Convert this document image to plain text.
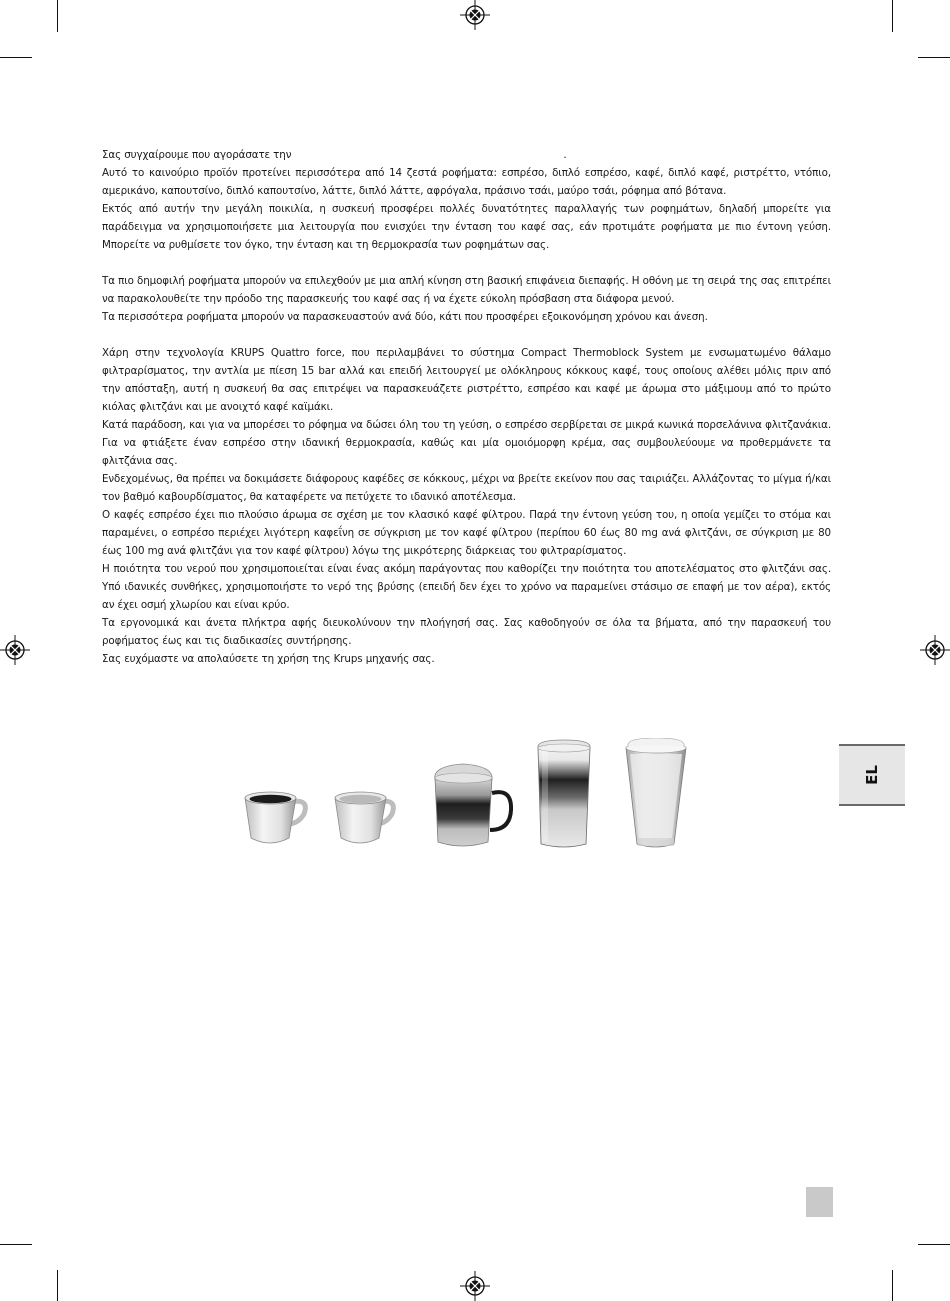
Σας συγχαίρουμε που αγοράσατε την	.

Αυτό το καινούριο προϊόν προτείνει περισσότερα από 14 ζεστά ροφήματα: εσπρέσο, διπλό εσπρέσο, καφέ, διπλό καφέ, ριστρέττο, ντόπιο, αμερικάνο, καπουτσίνο, διπλό καπουτσίνο, λάττε, διπλό λάττε, αφρόγαλα, πράσινο τσάι, μαύρο τσάι, ρόφημα από βότανα.

Εκτός από αυτήν την μεγάλη ποικιλία, η συσκευή προσφέρει πολλές δυνατότητες παραλλαγής των ροφημάτων, δηλαδή μπορείτε για παράδειγμα να χρησιμοποιήσετε μια λειτουργία που ενισχύει την ένταση του καφέ σας, εάν προτιμάτε ροφήματα με πιο έντονη γεύση. Μπορείτε να ρυθμίσετε τον όγκο, την ένταση και τη θερμοκρασία των ροφημάτων σας.

Τα πιο δημοφιλή ροφήματα μπορούν να επιλεχθούν με μια απλή κίνηση στη βασική επιφάνεια διεπαφής. Η οθόνη με τη σειρά της σας επιτρέπει να παρακολουθείτε την πρόοδο της παρασκευής του καφέ σας ή να έχετε εύκολη πρόσβαση στα διάφορα μενού.

Τα περισσότερα ροφήματα μπορούν να παρασκευαστούν ανά δύο, κάτι που προσφέρει εξοικονόμηση χρόνου και άνεση.

Χάρη στην τεχνολογία KRUPS Quattro force, που περιλαμβάνει το σύστημα Compact Thermoblock System με ενσωματωμένο θάλαμο φιλτραρίσματος, την αντλία με πίεση 15 bar αλλά και επειδή λειτουργεί με ολόκληρους κόκκους καφέ, τους οποίους αλέθει μόλις πριν από την απόσταξη, αυτή η συσκευή θα σας επιτρέψει να παρασκευάζετε ριστρέττο, εσπρέσο και καφέ με άρωμα στο μάξιμουμ από το πρώτο κιόλας φλιτζάνι και με ανοιχτό καφέ καϊμάκι.

Κατά παράδοση, και για να μπορέσει το ρόφημα να δώσει όλη του τη γεύση, ο εσπρέσο σερβίρεται σε μικρά κωνικά πορσελάνινα φλιτζανάκια. Για να φτιάξετε έναν εσπρέσο στην ιδανική θερμοκρασία, καθώς και μία ομοιόμορφη κρέμα, σας συμβουλεύουμε να προθερμάνετε τα φλιτζάνια σας.

Ενδεχομένως, θα πρέπει να δοκιμάσετε διάφορους καφέδες σε κόκκους, μέχρι να βρείτε εκείνον που σας ταιριάζει. Αλλάζοντας το μίγμα ή/και τον βαθμό καβουρδίσματος, θα καταφέρετε να πετύχετε το ιδανικό αποτέλεσμα.

Ο καφές εσπρέσο έχει πιο πλούσιο άρωμα σε σχέση με τον κλασικό καφέ φίλτρου. Παρά την έντονη γεύση του, η οποία γεμίζει το στόμα και παραμένει, ο εσπρέσο περιέχει λιγότερη καφεΐνη σε σύγκριση με τον καφέ φίλτρου (περίπου 60 έως 80 mg ανά φλιτζάνι, σε σύγκριση με 80 έως 100 mg ανά φλιτζάνι για τον καφέ φίλτρου) λόγω της μικρότερης διάρκειας του φιλτραρίσματος.

Η ποιότητα του νερού που χρησιμοποιείται είναι ένας ακόμη παράγοντας που καθορίζει την ποιότητα του αποτελέσματος στο φλιτζάνι σας. Υπό ιδανικές συνθήκες, χρησιμοποιήστε το νερό της βρύσης (επειδή δεν έχει το χρόνο να παραμείνει στάσιμο σε επαφή με τον αέρα), εκτός αν έχει οσμή χλωρίου και είναι κρύο.

Τα εργονομικά και άνετα πλήκτρα αφής διευκολύνουν την πλοήγησή σας. Σας καθοδηγούν σε όλα τα βήματα, από την παρασκευή του ροφήματος έως και τις διαδικασίες συντήρησης.

Σας ευχόμαστε να απολαύσετε τη χρήση της Krups μηχανής σας.

EL
